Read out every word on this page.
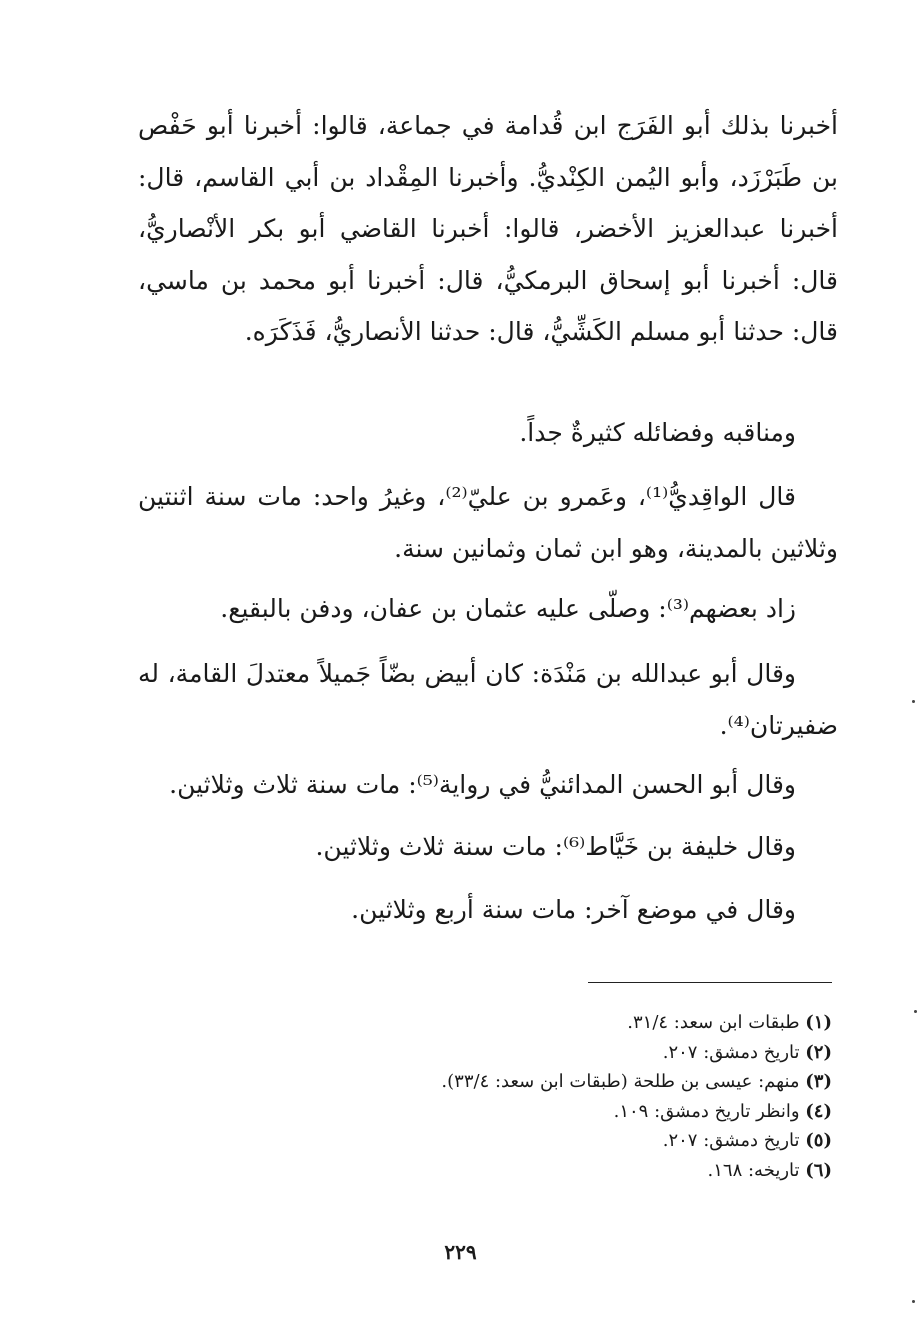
أخبرنا بذلك أبو الفَرَج ابن قُدامة في جماعة، قالوا: أخبرنا أبو حَفْص بن طَبَرْزَد، وأبو اليُمن الكِنْديُّ. وأخبرنا المِقْداد بن أبي القاسم، قال: أخبرنا عبدالعزيز الأخضر، قالوا: أخبرنا القاضي أبو بكر الأنْصاريُّ، قال: أخبرنا أبو إسحاق البرمكيُّ، قال: أخبرنا أبو محمد بن ماسي، قال: حدثنا أبو مسلم الكَشِّيُّ، قال: حدثنا الأنصاريُّ، فَذَكَرَه.

ومناقبه وفضائله كثيرةٌ جداً.

قال الواقِديُّ⁽¹⁾، وعَمرو بن عليّ⁽²⁾، وغيرُ واحد: مات سنة اثنتين وثلاثين بالمدينة، وهو ابن ثمان وثمانين سنة.

زاد بعضهم⁽³⁾: وصلّى عليه عثمان بن عفان، ودفن بالبقيع.

وقال أبو عبدالله بن مَنْدَة: كان أبيض بضّاً جَميلاً معتدلَ القامة، له ضفيرتان⁽⁴⁾.

وقال أبو الحسن المدائنيُّ في رواية⁽⁵⁾: مات سنة ثلاث وثلاثين.

وقال خليفة بن خَيَّاط⁽⁶⁾: مات سنة ثلاث وثلاثين.

وقال في موضع آخر: مات سنة أربع وثلاثين.

(١) طبقات ابن سعد: ٣١/٤.
(٢) تاريخ دمشق: ٢٠٧.
(٣) منهم: عيسى بن طلحة (طبقات ابن سعد: ٣٣/٤).
(٤) وانظر تاريخ دمشق: ١٠٩.
(٥) تاريخ دمشق: ٢٠٧.
(٦) تاريخه: ١٦٨.
٢٢٩
